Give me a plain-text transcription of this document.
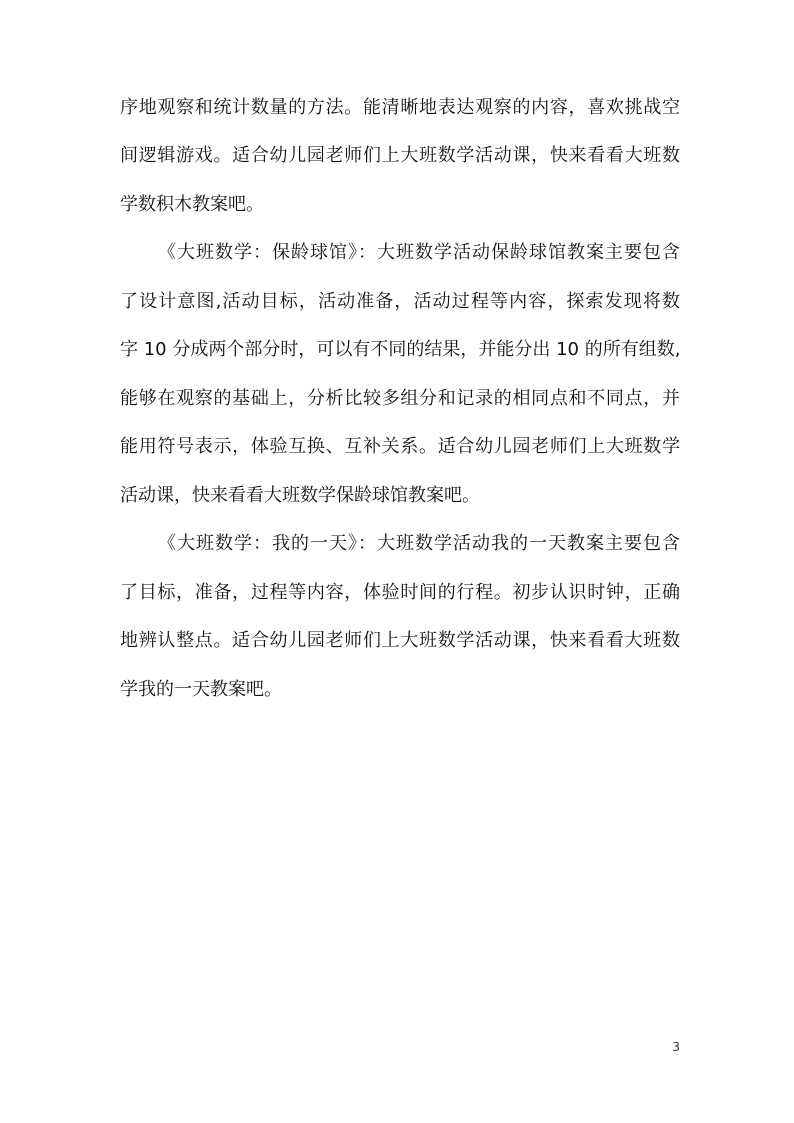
序地观察和统计数量的方法。能清晰地表达观察的内容，喜欢挑战空
间逻辑游戏。适合幼儿园老师们上大班数学活动课，快来看看大班数
学数积木教案吧。
《大班数学：保龄球馆》：大班数学活动保龄球馆教案主要包含
了设计意图,活动目标，活动准备，活动过程等内容，探索发现将数
字 10 分成两个部分时，可以有不同的结果，并能分出 10 的所有组数,
能够在观察的基础上，分析比较多组分和记录的相同点和不同点，并
能用符号表示，体验互换、互补关系。适合幼儿园老师们上大班数学
活动课，快来看看大班数学保龄球馆教案吧。
《大班数学：我的一天》：大班数学活动我的一天教案主要包含
了目标，准备，过程等内容，体验时间的行程。初步认识时钟，正确
地辨认整点。适合幼儿园老师们上大班数学活动课，快来看看大班数
学我的一天教案吧。
3
